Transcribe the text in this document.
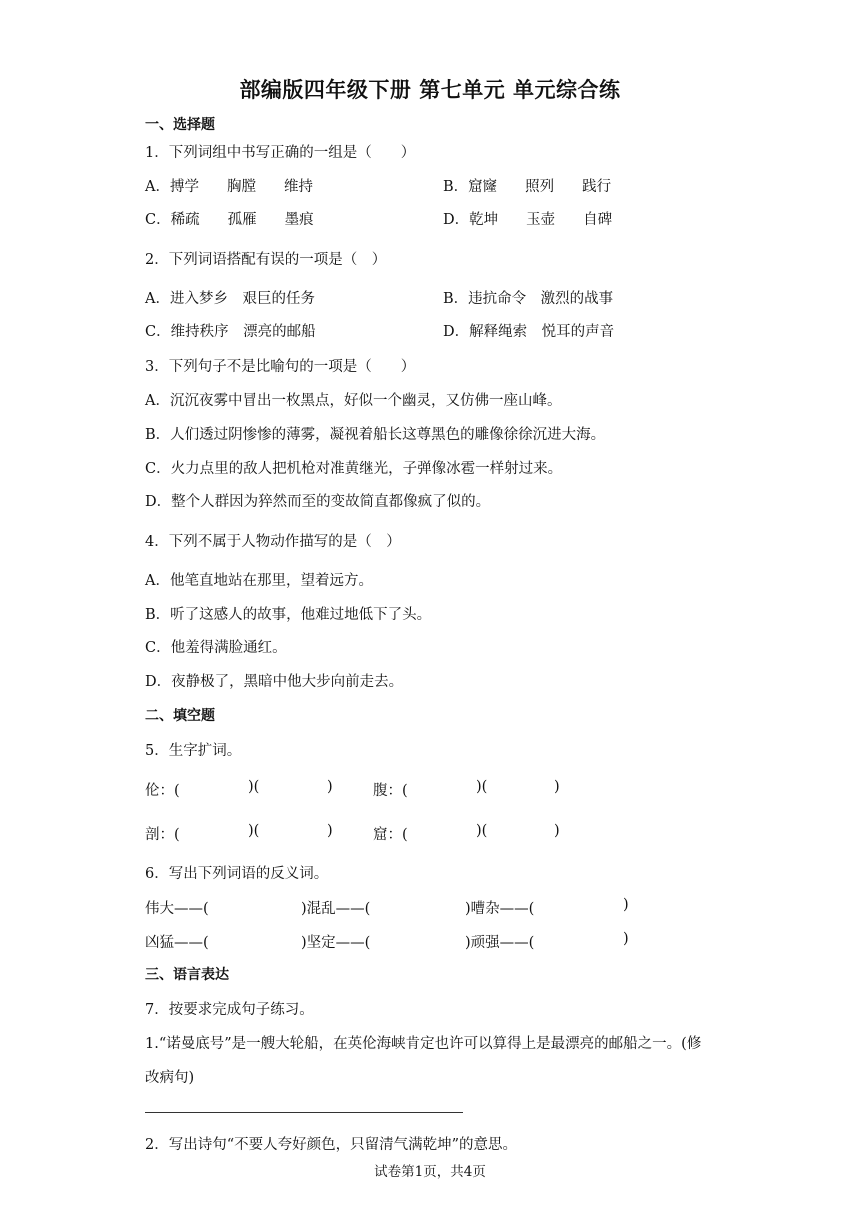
部编版四年级下册 第七单元 单元综合练
一、选择题
1．下列词组中书写正确的一组是（　　）
A．搏学 胸膛 维持	B．窟窿 照列 践行
C．稀疏 孤雁 墨痕	D．乾坤 玉壶 自碑
2．下列词语搭配有误的一项是（　）
A．进入梦乡　艰巨的任务	B．违抗命令　激烈的战事
C．维持秩序　漂亮的邮船	D．解释绳索　悦耳的声音
3．下列句子不是比喻句的一项是（　　）
A．沉沉夜雾中冒出一枚黑点，好似一个幽灵，又仿佛一座山峰。
B．人们透过阴惨惨的薄雾，凝视着船长这尊黑色的雕像徐徐沉进大海。
C．火力点里的敌人把机枪对准黄继光，子弹像冰雹一样射过来。
D．整个人群因为猝然而至的变故简直都像疯了似的。
4．下列不属于人物动作描写的是（　）
A．他笔直地站在那里，望着远方。
B．听了这感人的故事，他难过地低下了头。
C．他羞得满脸通红。
D．夜静极了，黑暗中他大步向前走去。
二、填空题
5．生字扩词。
伦：(	)(	)	腹：(	)(	)
剖：(	)(	)	窟：(	)(	)
6．写出下列词语的反义词。
伟大——(	)混乱——(	)嘈杂——(	)
凶猛——(	)坚定——(	)顽强——(	)
三、语言表达
7．按要求完成句子练习。
1.“诺曼底号”是一艘大轮船，在英伦海峡肯定也许可以算得上是最漂亮的邮船之一。(修
改病句)
2．写出诗句“不要人夸好颜色，只留清气满乾坤”的意思。
试卷第1页，共4页
